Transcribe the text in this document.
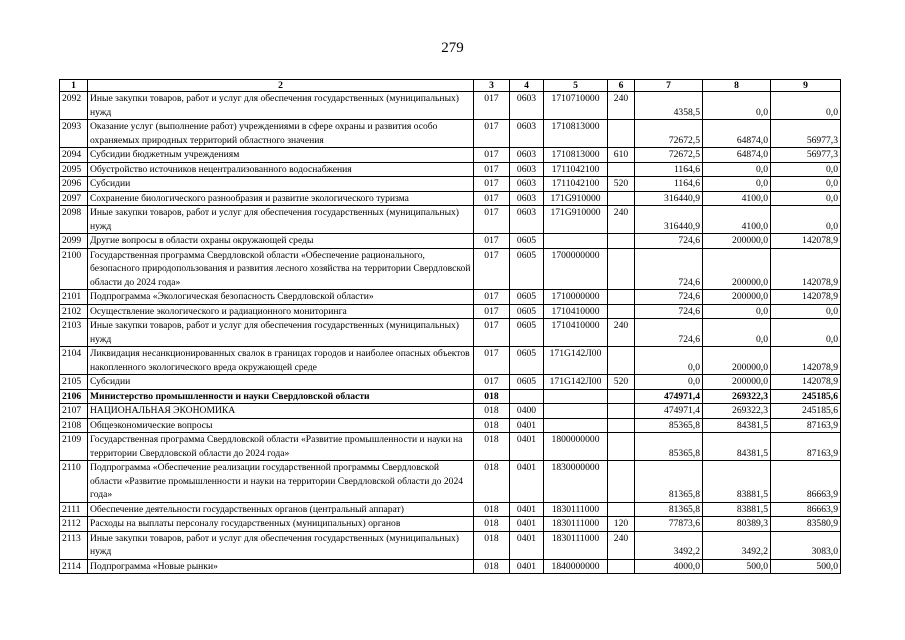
279
1	2	3	4	5	6	7	8	9
2092	Иные закупки товаров, работ и услуг для обеспечения государственных (муниципальных) нужд	017	0603	1710710000	240	4358,5	0,0	0,0
2093	Оказание услуг (выполнение работ) учреждениями в сфере охраны и развития особо охраняемых природных территорий областного значения	017	0603	1710813000		72672,5	64874,0	56977,3
2094	Субсидии бюджетным учреждениям	017	0603	1710813000	610	72672,5	64874,0	56977,3
2095	Обустройство источников нецентрализованного водоснабжения	017	0603	1711042100		1164,6	0,0	0,0
2096	Субсидии	017	0603	1711042100	520	1164,6	0,0	0,0
2097	Сохранение биологического разнообразия и развитие экологического туризма	017	0603	171G910000		316440,9	4100,0	0,0
2098	Иные закупки товаров, работ и услуг для обеспечения государственных (муниципальных) нужд	017	0603	171G910000	240	316440,9	4100,0	0,0
2099	Другие вопросы в области охраны окружающей среды	017	0605			724,6	200000,0	142078,9
2100	Государственная программа Свердловской области «Обеспечение рационального, безопасного природопользования и развития лесного хозяйства на территории Свердловской области до 2024 года»	017	0605	1700000000		724,6	200000,0	142078,9
2101	Подпрограмма «Экологическая безопасность Свердловской области»	017	0605	1710000000		724,6	200000,0	142078,9
2102	Осуществление экологического и радиационного мониторинга	017	0605	1710410000		724,6	0,0	0,0
2103	Иные закупки товаров, работ и услуг для обеспечения государственных (муниципальных) нужд	017	0605	1710410000	240	724,6	0,0	0,0
2104	Ликвидация несанкционированных свалок в границах городов и наиболее опасных объектов накопленного экологического вреда окружающей среде	017	0605	171G142Л00		0,0	200000,0	142078,9
2105	Субсидии	017	0605	171G142Л00	520	0,0	200000,0	142078,9
2106	Министерство промышленности и науки Свердловской области	018				474971,4	269322,3	245185,6
2107	НАЦИОНАЛЬНАЯ ЭКОНОМИКА	018	0400			474971,4	269322,3	245185,6
2108	Общеэкономические вопросы	018	0401			85365,8	84381,5	87163,9
2109	Государственная программа Свердловской области «Развитие промышленности и науки на территории Свердловской области до 2024 года»	018	0401	1800000000		85365,8	84381,5	87163,9
2110	Подпрограмма «Обеспечение реализации государственной программы Свердловской области «Развитие промышленности и науки на территории Свердловской области до 2024 года»	018	0401	1830000000		81365,8	83881,5	86663,9
2111	Обеспечение деятельности государственных органов (центральный аппарат)	018	0401	1830111000		81365,8	83881,5	86663,9
2112	Расходы на выплаты персоналу государственных (муниципальных) органов	018	0401	1830111000	120	77873,6	80389,3	83580,9
2113	Иные закупки товаров, работ и услуг для обеспечения государственных (муниципальных) нужд	018	0401	1830111000	240	3492,2	3492,2	3083,0
2114	Подпрограмма «Новые рынки»	018	0401	1840000000		4000,0	500,0	500,0
